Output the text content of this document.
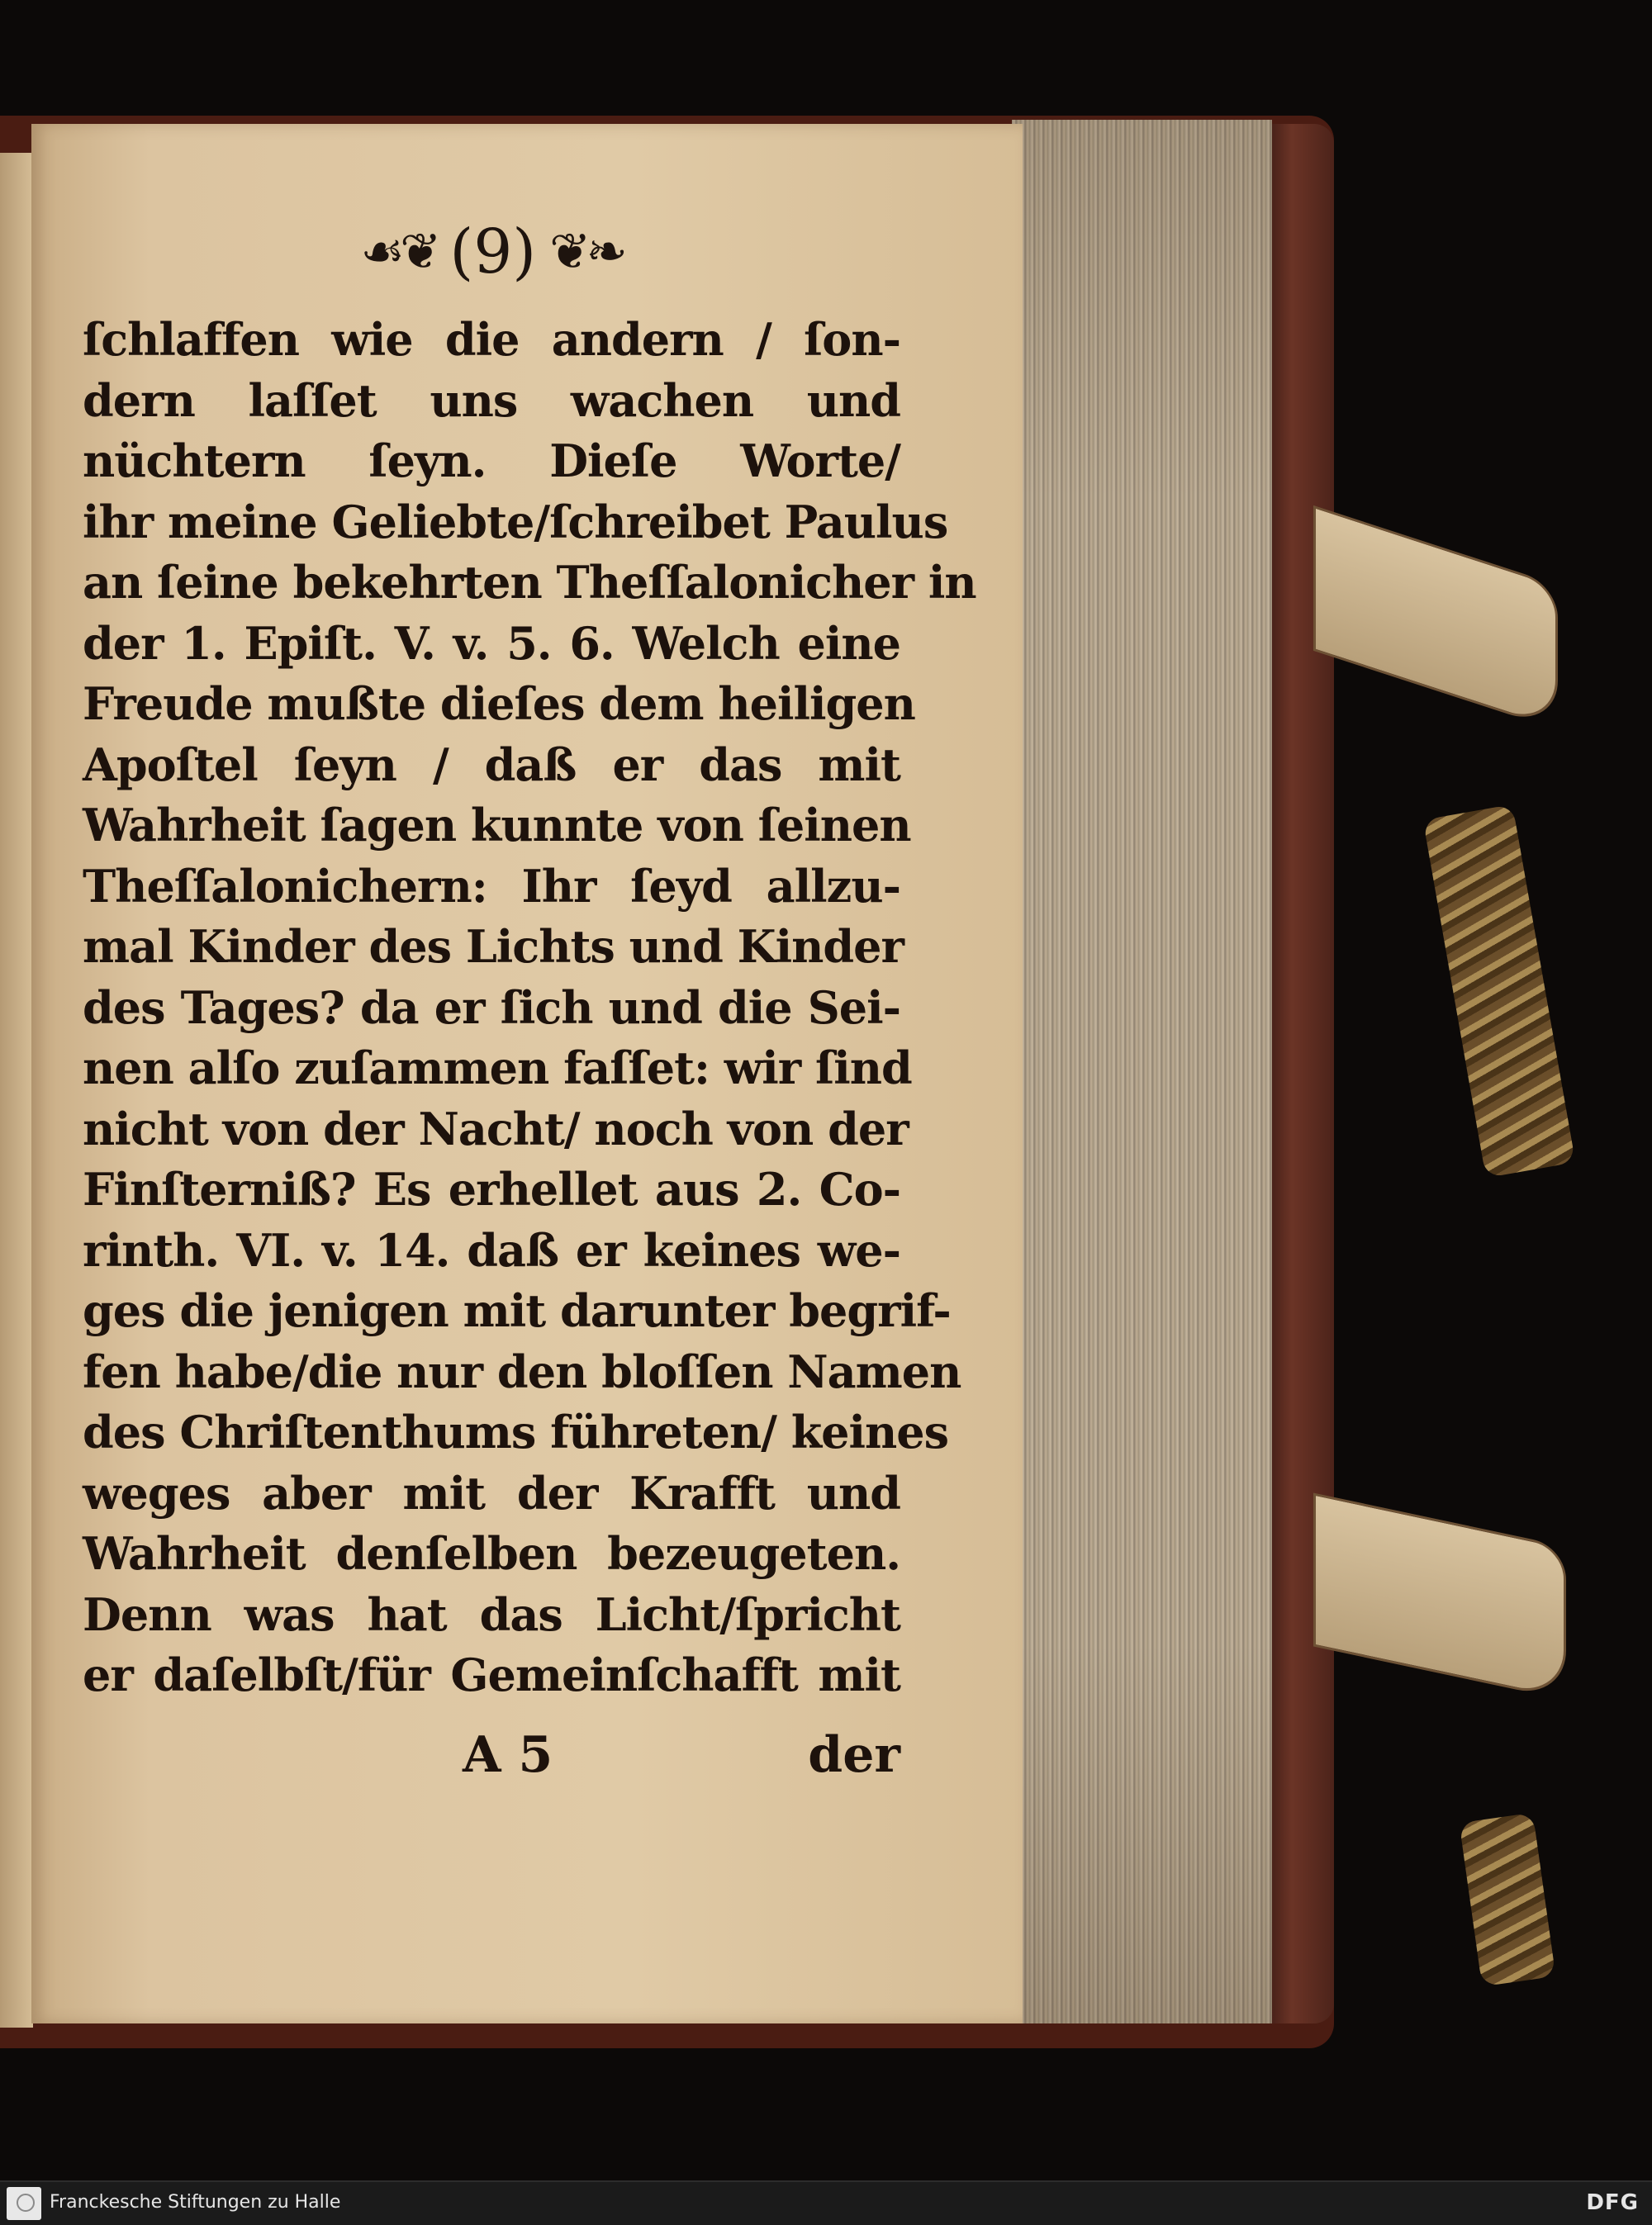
☙❦ (9) ❦❧
ſchlaffen wie die andern / ſon-
dern laſſet uns wachen und
nüchtern ſeyn. Dieſe Worte/
ihr meine Geliebte/ſchreibet Paulus
an ſeine bekehrten Theſſalonicher in
der 1. Epiſt. V. v. 5. 6. Welch eine
Freude mußte dieſes dem heiligen
Apoſtel ſeyn / daß er das mit
Wahrheit ſagen kunnte von ſeinen
Theſſalonichern: Ihr ſeyd allzu-
mal Kinder des Lichts und Kinder
des Tages? da er ſich und die Sei-
nen alſo zuſammen faſſet: wir ſind
nicht von der Nacht/ noch von der
Finſterniß? Es erhellet aus 2. Co-
rinth. VI. v. 14. daß er keines we-
ges die jenigen mit darunter begrif-
fen habe/die nur den bloſſen Namen
des Chriſtenthums führeten/ keines
weges aber mit der Krafft und
Wahrheit denſelben bezeugeten.
Denn was hat das Licht/ſpricht
er daſelbſt/für Gemeinſchafft mit
A 5	der
Franckesche Stiftungen zu Halle	DFG
